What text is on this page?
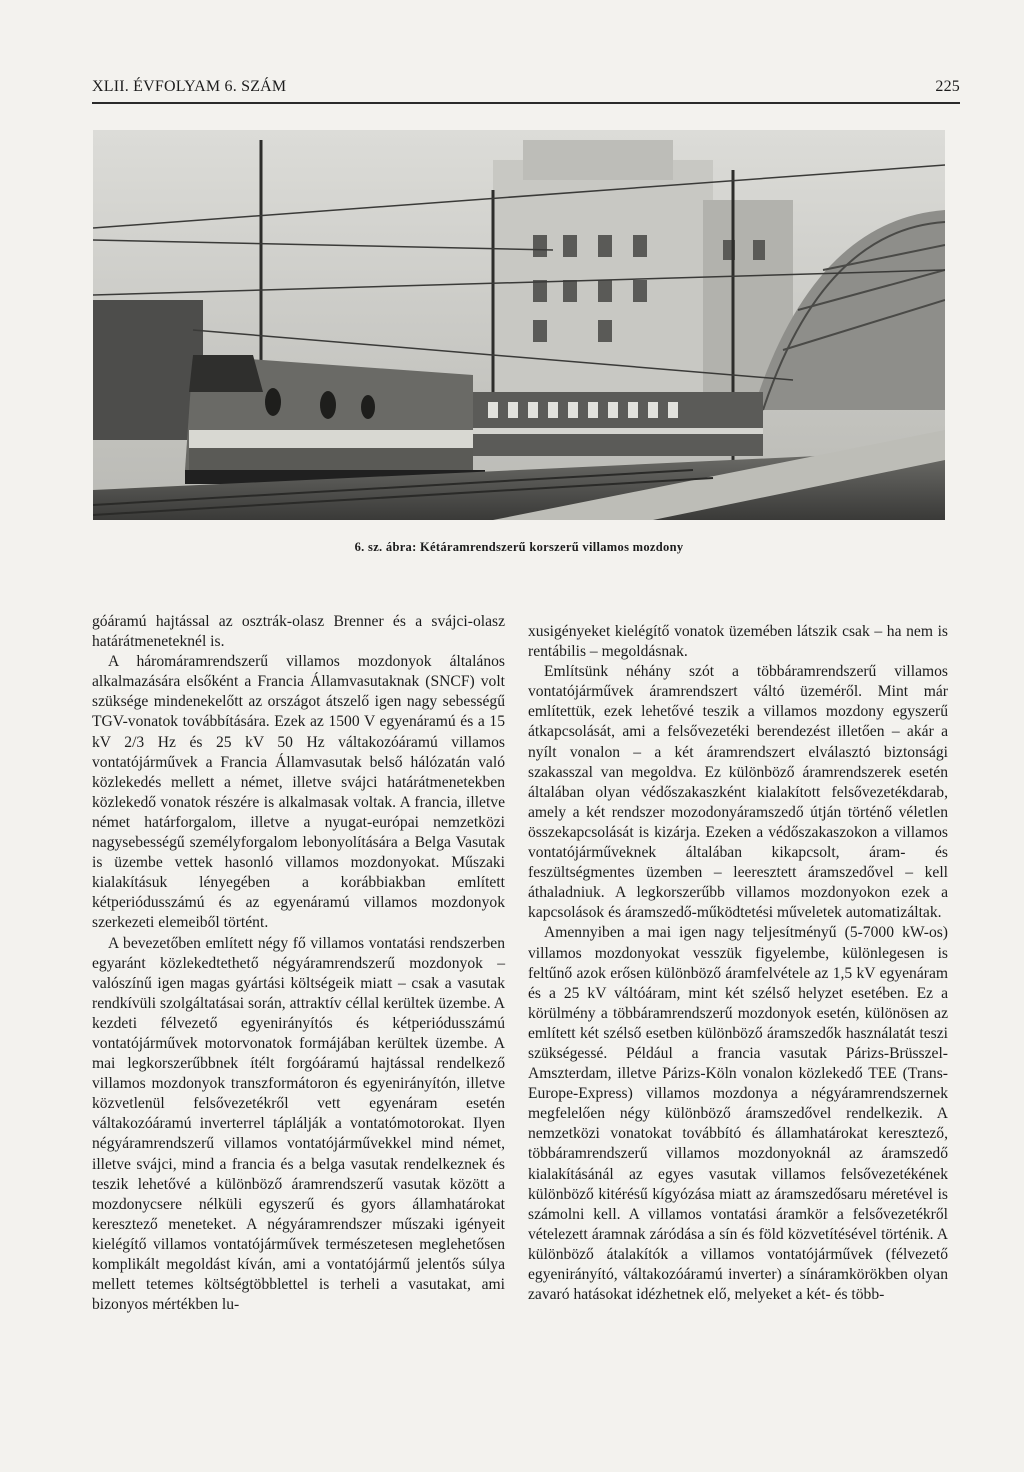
XLII. ÉVFOLYAM 6. SZÁM	225
6. sz. ábra: Kétáramrendszerű korszerű villamos mozdony

góáramú hajtással az osztrák-olasz Brenner és a svájci-olasz határátmeneteknél is.

A háromáramrendszerű villamos mozdonyok általános alkalmazására elsőként a Francia Államvasutaknak (SNCF) volt szüksége mindenekelőtt az országot átszelő igen nagy sebességű TGV-vonatok továbbítására. Ezek az 1500 V egyenáramú és a 15 kV 2/3 Hz és 25 kV 50 Hz váltakozóáramú villamos vontatójárművek a Francia Államvasutak belső hálózatán való közlekedés mellett a német, illetve svájci határátmenetekben közlekedő vonatok részére is alkalmasak voltak. A francia, illetve német határforgalom, illetve a nyugat-európai nemzetközi nagysebességű személyforgalom lebonyolítására a Belga Vasutak is üzembe vettek hasonló villamos mozdonyokat. Műszaki kialakításuk lényegében a korábbiakban említett kétperiódusszámú és az egyenáramú villamos mozdonyok szerkezeti elemeiből történt.

A bevezetőben említett négy fő villamos vontatási rendszerben egyaránt közlekedtethető négyáramrendszerű mozdonyok – valószínű igen magas gyártási költségeik miatt – csak a vasutak rendkívüli szolgáltatásai során, attraktív céllal kerültek üzembe. A kezdeti félvezető egyenirányítós és kétperiódusszámú vontatójárművek motorvonatok formájában kerültek üzembe. A mai legkorszerűbbnek ítélt forgóáramú hajtással rendelkező villamos mozdonyok transzformátoron és egyenirányítón, illetve közvetlenül felsővezetékről vett egyenáram esetén váltakozóáramú inverterrel táplálják a vontatómotorokat. Ilyen négyáramrendszerű villamos vontatójárművekkel mind német, illetve svájci, mind a francia és a belga vasutak rendelkeznek és teszik lehetővé a különböző áramrendszerű vasutak között a mozdonycsere nélküli egyszerű és gyors államhatárokat keresztező meneteket. A négyáramrendszer műszaki igényeit kielégítő villamos vontatójárművek természetesen meglehetősen komplikált megoldást kíván, ami a vontatójármű jelentős súlya mellett tetemes költségtöbblettel is terheli a vasutakat, ami bizonyos mértékben lu-

xusigényeket kielégítő vonatok üzemében látszik csak – ha nem is rentábilis – megoldásnak.

Említsünk néhány szót a többáramrendszerű villamos vontatójárművek áramrendszert váltó üzeméről. Mint már említettük, ezek lehetővé teszik a villamos mozdony egyszerű átkapcsolását, ami a felsővezetéki berendezést illetően – akár a nyílt vonalon – a két áramrendszert elválasztó biztonsági szakasszal van megoldva. Ez különböző áramrendszerek esetén általában olyan védőszakaszként kialakított felsővezetékdarab, amely a két rendszer mozodonyáramszedő útján történő véletlen összekapcsolását is kizárja. Ezeken a védőszakaszokon a villamos vontatójárműveknek általában kikapcsolt, áram- és feszültségmentes üzemben – leeresztett áramszedővel – kell áthaladniuk. A legkorszerűbb villamos mozdonyokon ezek a kapcsolások és áramszedő-működtetési műveletek automatizáltak.

Amennyiben a mai igen nagy teljesítményű (5-7000 kW-os) villamos mozdonyokat vesszük figyelembe, különlegesen is feltűnő azok erősen különböző áramfelvétele az 1,5 kV egyenáram és a 25 kV váltóáram, mint két szélső helyzet esetében. Ez a körülmény a többáramrendszerű mozdonyok esetén, különösen az említett két szélső esetben különböző áramszedők használatát teszi szükségessé. Például a francia vasutak Párizs-Brüsszel-Amszterdam, illetve Párizs-Köln vonalon közlekedő TEE (Trans-Europe-Express) villamos mozdonya a négyáramrendszernek megfelelően négy különböző áramszedővel rendelkezik. A nemzetközi vonatokat továbbító és államhatárokat keresztező, többáramrendszerű villamos mozdonyoknál az áramszedő kialakításánál az egyes vasutak villamos felsővezetékének különböző kitérésű kígyózása miatt az áramszedősaru méretével is számolni kell. A villamos vontatási áramkör a felsővezetékről vételezett áramnak záródása a sín és föld közvetítésével történik. A különböző átalakítók a villamos vontatójárművek (félvezető egyenirányító, váltakozóáramú inverter) a sínáramkörökben olyan zavaró hatásokat idézhetnek elő, melyeket a két- és több-
